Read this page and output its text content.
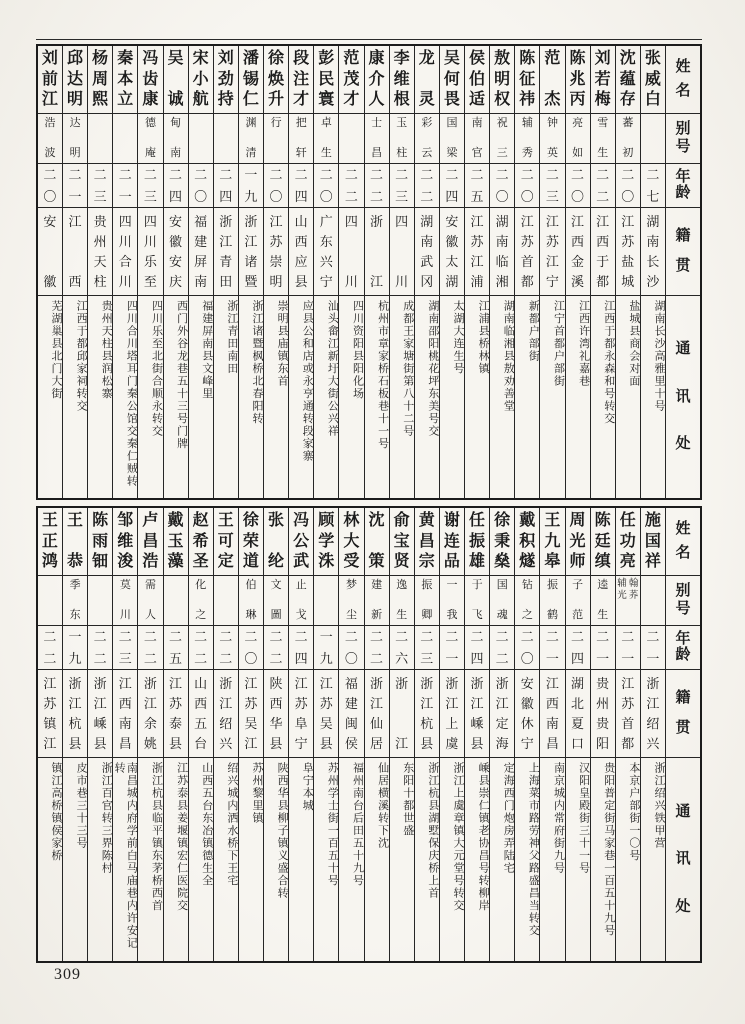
姓
名
别
号
年
龄
籍
贯
通
讯
处
张
威
白
二
七
湖
南
长
沙
湖南长沙高雅里十号
沈
蕴
存
蕃
初
二
〇
江
苏
盐
城
盐城县商会对面
刘
若
梅
雪
生
二
二
江
西
于
都
江西于都永森和号转交
陈
兆
丙
亮
如
二
〇
江
西
金
溪
江西许湾礼嘉巷
范
杰
钟
英
二
三
江
苏
江
宁
江宁首都户部街
陈
征
祎
辅
秀
二
〇
江
苏
首
都
新都户部街
敖
明
权
祝
三
二
〇
湖
南
临
湘
湖南临湘县敖劝善堂
侯
伯
适
南
官
二
五
江
苏
江
浦
江浦县桥林镇
吴
何
畏
国
梁
二
四
安
徽
太
湖
太湖大连生号
龙
灵
彩
云
二
二
湖
南
武
冈
湖南邵阳桃花坪东美号交
李
维
根
玉
柱
二
三
四
川
成都王家塘街第八十二号
康
介
人
士
昌
二
二
浙
江
杭州市章家桥石板巷十一号
范
茂
才
二
二
四
川
四川资阳县阳化场
彭
民
寰
卓
生
二
〇
广
东
兴
宁
汕头畲江新圩大街公兴祥
段
注
才
把
轩
二
四
山
西
应
县
应县公和店或永亨通转段家寨
徐
焕
升
行
二
〇
江
苏
崇
明
崇明县庙镇东首
潘
锡
仁
渊
清
一
九
浙
江
诸
暨
浙江诸暨枫桥北春阳转
刘
劲
持
二
四
浙
江
青
田
浙江青田南田
宋
小
航
二
〇
福
建
屏
南
福建屏南县文峰里
吴
诚
甸
南
二
四
安
徽
安
庆
西门外谷龙巷五十三号门牌
冯
齿
康
德
庵
二
三
四
川
乐
至
四川乐至北街合顺永转交
秦
本
立
二
一
四
川
合
川
四川合川塔耳门秦公馆交秦仁贼转
杨
周
熙
二
三
贵
州
天
柱
贵州天柱县润松寨
邱
达
明
达
明
二
一
江
西
江西于都邱家祠转交
刘
前
江
浩
波
二
〇
安
徽
芜湖巢县北门大街
姓
名
别
号
年
龄
籍
贯
通
讯
处
施
国
祥
二
一
浙
江
绍
兴
浙江绍兴铁甲营
任
功
亮
翰
荞
辅
光
二
一
江
苏
首
都
本京户部街一〇号
陈
廷
缜
逵
生
二
一
贵
州
贵
阳
贵阳普定街马家巷一百五十九号
周
光
师
子
范
二
四
湖
北
夏
口
汉阳皇殿街三十一号
王
九
皋
振
鹤
二
一
江
西
南
昌
南京城内常府街九号
戴
积
燧
钻
之
二
〇
安
徽
休
宁
上海菜市路劳神父路盛昌当转交
徐
秉
燊
国
魂
二
二
浙
江
定
海
定海西门炮房弄陆宅
任
振
雄
于
飞
二
四
浙
江
嵊
县
嵊县崇仁镇老协昌号转柳岸
谢
连
品
一
我
二
一
浙
江
上
虞
浙江上虞章镇大元堂号转交
黄
昌
宗
振
卿
二
三
浙
江
杭
县
浙江杭县湖墅保庆桥上首
俞
宝
贤
逸
生
二
六
浙
江
东阳十都世盛
沈
策
建
新
二
二
浙
江
仙
居
仙居横溪转下沈
林
大
受
梦
尘
二
〇
福
建
闽
侯
福州南台后田五十九号
顾
学
洙
一
九
江
苏
吴
县
苏州学士街一百五十号
冯
公
武
止
戈
二
四
江
苏
阜
宁
阜宁本城
张
纶
文
圖
二
二
陕
西
华
县
陕西华县柳子镇义盛合转
徐
荣
道
伯
琳
二
〇
江
苏
吴
江
苏州黎里镇
王
可
定
二
二
浙
江
绍
兴
绍兴城内洒水桥下王宅
赵
希
圣
化
之
二
二
山
西
五
台
山西五台东冶镇德生全
戴
玉
藻
二
五
江
苏
泰
县
江苏泰县姜堰镇宏仁医院交
卢
昌
浩
需
人
二
二
浙
江
余
姚
浙江杭县临平镇东茅桥西首
邹
维
浚
莫
川
二
三
江
西
南
昌
南昌城内府学前白马庙巷内许安记转
陈
雨
钿
二
二
浙
江
嵊
县
浙江百官转三界陈村
王
恭
季
东
一
九
浙
江
杭
县
皮市巷三十三号
王
正
鸿
二
二
江
苏
镇
江
镇江高桥镇侯家桥
309
